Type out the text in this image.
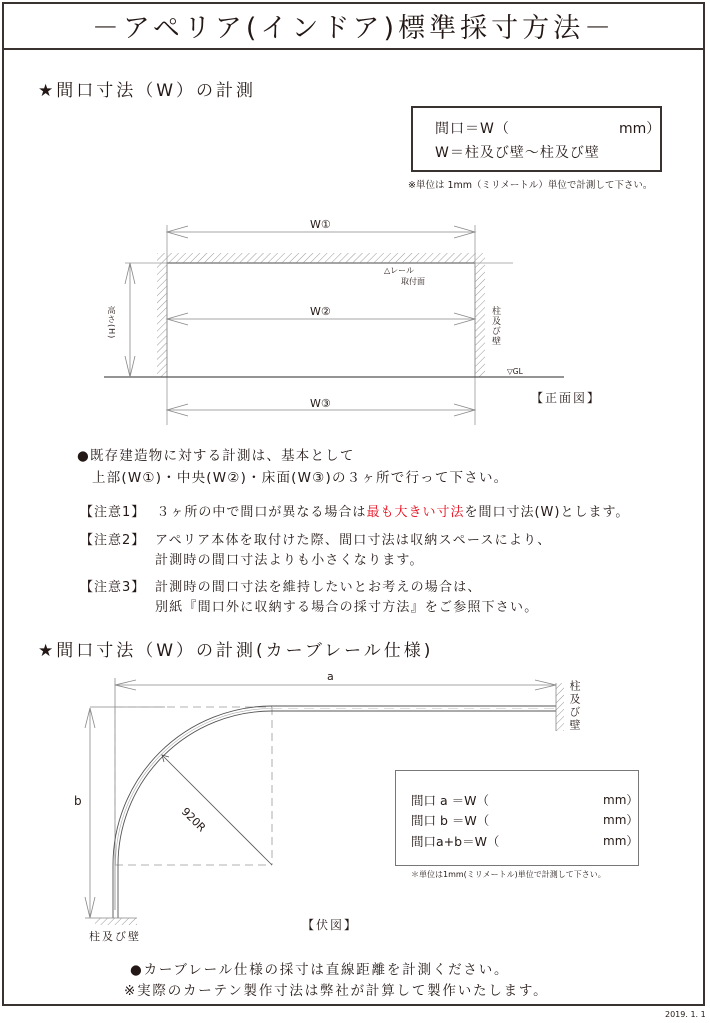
－アペリア(インドア)標準採寸方法－
★間口寸法（W）の計測
間口＝W（	mm）
W＝柱及び壁～柱及び壁
※単位は 1mm（ミリメートル）単位で計測して下さい。
W①
W②
W③
△レール
取付面
高さ(H)	柱及び壁
▽GL
【正面図】
●既存建造物に対する計測は、基本として
上部(W①)・中央(W②)・床面(W③)の３ヶ所で行って下さい。
【注意1】 ３ヶ所の中で間口が異なる場合は最も大きい寸法を間口寸法(W)とします。
【注意2】 アペリア本体を取付けた際、間口寸法は収納スペースにより、
計測時の間口寸法よりも小さくなります。
【注意3】 計測時の間口寸法を維持したいとお考えの場合は、
別紙『間口外に収納する場合の採寸方法』をご参照下さい。
★間口寸法（W）の計測(カーブレール仕様)
a
b
920R
柱及び壁
柱及び壁
【伏図】
間口 a ＝W（	mm）
間口 b ＝W（	mm）
間口a+b＝W（	mm）
＊単位は1mm(ミリメートル)単位で計測して下さい。
●カーブレール仕様の採寸は直線距離を計測ください。
※実際のカーテン製作寸法は弊社が計算して製作いたします。
2019. 1. 1
